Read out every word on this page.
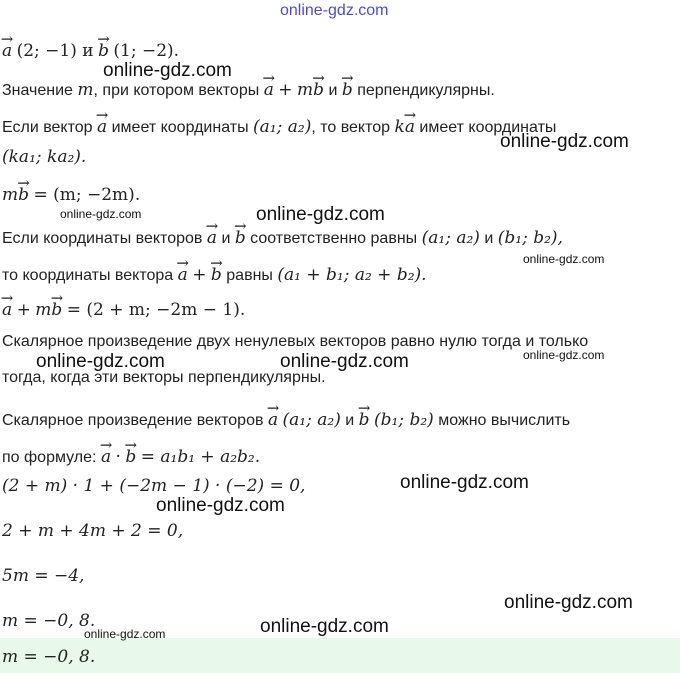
online-gdz.com
online-gdz.com
online-gdz.com
online-gdz.com	online-gdz.com
online-gdz.com
online-gdz.com	online-gdz.com	online-gdz.com
online-gdz.com
online-gdz.com
online-gdz.com
online-gdz.com
online-gdz.com
→ a (2; −1) и → b (1; −2).
Значение m, при котором векторы → a + m→ b и → b перпендикулярны.
Если вектор → a имеет координаты (a₁; a₂), то вектор k→ a имеет координаты
(ka₁; ka₂).
m→ b = (m; −2m).
Если координаты векторов → a и → b соответственно равны (a₁; a₂) и (b₁; b₂),
то координаты вектора → a + → b равны (a₁ + b₁; a₂ + b₂).
→ a + m→ b = (2 + m; −2m − 1).
Скалярное произведение двух ненулевых векторов равно нулю тогда и только
тогда, когда эти векторы перпендикулярны.
Скалярное произведение векторов → a (a₁; a₂) и → b (b₁; b₂) можно вычислить
по формуле: → a · → b = a₁b₁ + a₂b₂.
(2 + m) · 1 + (−2m − 1) · (−2) = 0,
2 + m + 4m + 2 = 0,
5m = −4,
m = −0, 8.
m = −0, 8.
